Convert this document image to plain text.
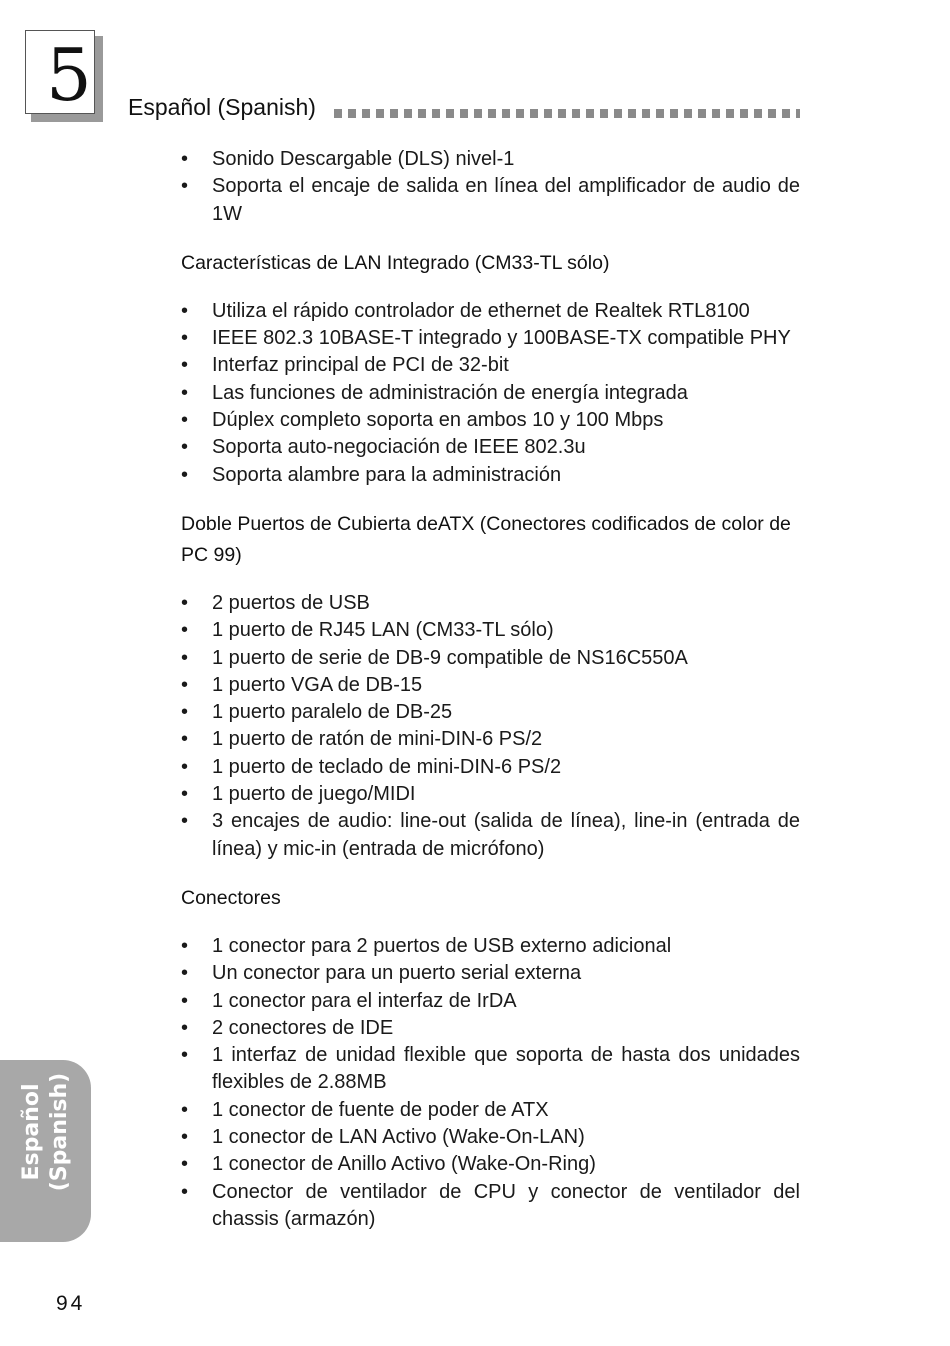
5 Español (Spanish)
• Sonido Descargable (DLS) nivel-1
• Soporta el encaje de salida en línea del amplificador de audio de 1W
Características de LAN Integrado (CM33-TL sólo)
• Utiliza el rápido controlador de ethernet de Realtek RTL8100
• IEEE 802.3 10BASE-T integrado y 100BASE-TX compatible PHY
• Interfaz principal de PCI de 32-bit
• Las funciones de administración de energía integrada
• Dúplex completo soporta en ambos 10 y 100 Mbps
• Soporta auto-negociación de IEEE 802.3u
• Soporta alambre para la administración
Doble Puertos de Cubierta deATX (Conectores codificados de color de PC 99)
• 2 puertos de USB
• 1 puerto de RJ45 LAN (CM33-TL sólo)
• 1 puerto de serie de DB-9 compatible de NS16C550A
• 1 puerto VGA de DB-15
• 1 puerto paralelo de DB-25
• 1 puerto de ratón de mini-DIN-6 PS/2
• 1 puerto de teclado de mini-DIN-6 PS/2
• 1 puerto de juego/MIDI
• 3 encajes de audio: line-out (salida de línea), line-in (entrada de línea) y mic-in (entrada de micrófono)
Conectores
• 1 conector para 2 puertos de USB externo adicional
• Un conector para un puerto serial externa
• 1 conector para el interfaz de IrDA
• 2 conectores de IDE
• 1 interfaz de unidad flexible que soporta de hasta dos unidades flexibles de 2.88MB
• 1 conector de fuente de poder de ATX
• 1 conector de LAN Activo (Wake-On-LAN)
• 1 conector de Anillo Activo (Wake-On-Ring)
• Conector de ventilador de CPU y conector de ventilador del chassis (armazón)
Español (Spanish)
94
